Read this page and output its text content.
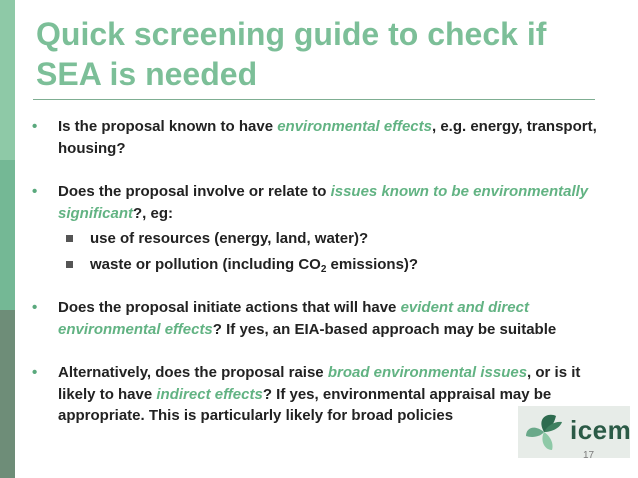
Quick screening guide to check if
SEA is needed
• Is the proposal known to have environmental effects, e.g. energy, transport, housing?
• Does the proposal involve or relate to issues known to be environmentally significant?, eg:
use of resources (energy, land, water)?
waste or pollution (including $CO_2$ emissions)?
• Does the proposal initiate actions that will have evident and direct environmental effects? If yes, an EIA-based approach may be suitable
• Alternatively, does the proposal raise broad environmental issues, or is it likely to have indirect effects? If yes, environmental appraisal may be appropriate. This is particularly likely for broad policies	icem
17
